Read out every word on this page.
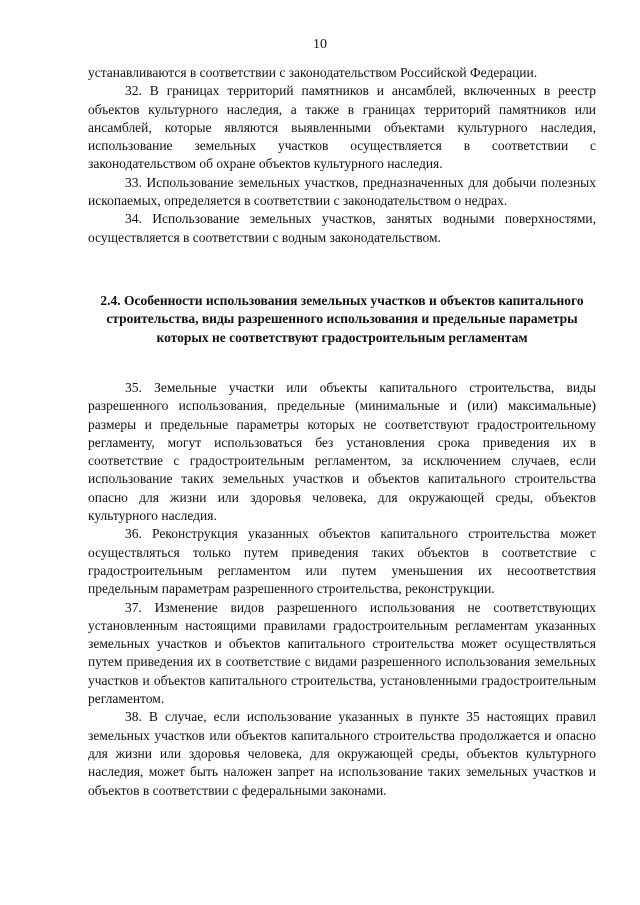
10

устанавливаются в соответствии с законодательством Российской Федерации.

32. В границах территорий памятников и ансамблей, включенных в реестр объектов культурного наследия, а также в границах территорий памятников или ансамблей, которые являются выявленными объектами культурного наследия, использование земельных участков осуществляется в соответствии с законодательством об охране объектов культурного наследия.

33. Использование земельных участков, предназначенных для добычи полезных ископаемых, определяется в соответствии с законодательством о недрах.

34. Использование земельных участков, занятых водными поверхностями, осуществляется в соответствии с водным законодательством.

2.4. Особенности использования земельных участков и объектов капитального строительства, виды разрешенного использования и предельные параметры которых не соответствуют градостроительным регламентам

35. Земельные участки или объекты капитального строительства, виды разрешенного использования, предельные (минимальные и (или) максимальные) размеры и предельные параметры которых не соответствуют градостроительному регламенту, могут использоваться без установления срока приведения их в соответствие с градостроительным регламентом, за исключением случаев, если использование таких земельных участков и объектов капитального строительства опасно для жизни или здоровья человека, для окружающей среды, объектов культурного наследия.

36. Реконструкция указанных объектов капитального строительства может осуществляться только путем приведения таких объектов в соответствие с градостроительным регламентом или путем уменьшения их несоответствия предельным параметрам разрешенного строительства, реконструкции.

37. Изменение видов разрешенного использования не соответствующих установленным настоящими правилами градостроительным регламентам указанных земельных участков и объектов капитального строительства может осуществляться путем приведения их в соответствие с видами разрешенного использования земельных участков и объектов капитального строительства, установленными градостроительным регламентом.

38. В случае, если использование указанных в пункте 35 настоящих правил земельных участков или объектов капитального строительства продолжается и опасно для жизни или здоровья человека, для окружающей среды, объектов культурного наследия, может быть наложен запрет на использование таких земельных участков и объектов в соответствии с федеральными законами.
